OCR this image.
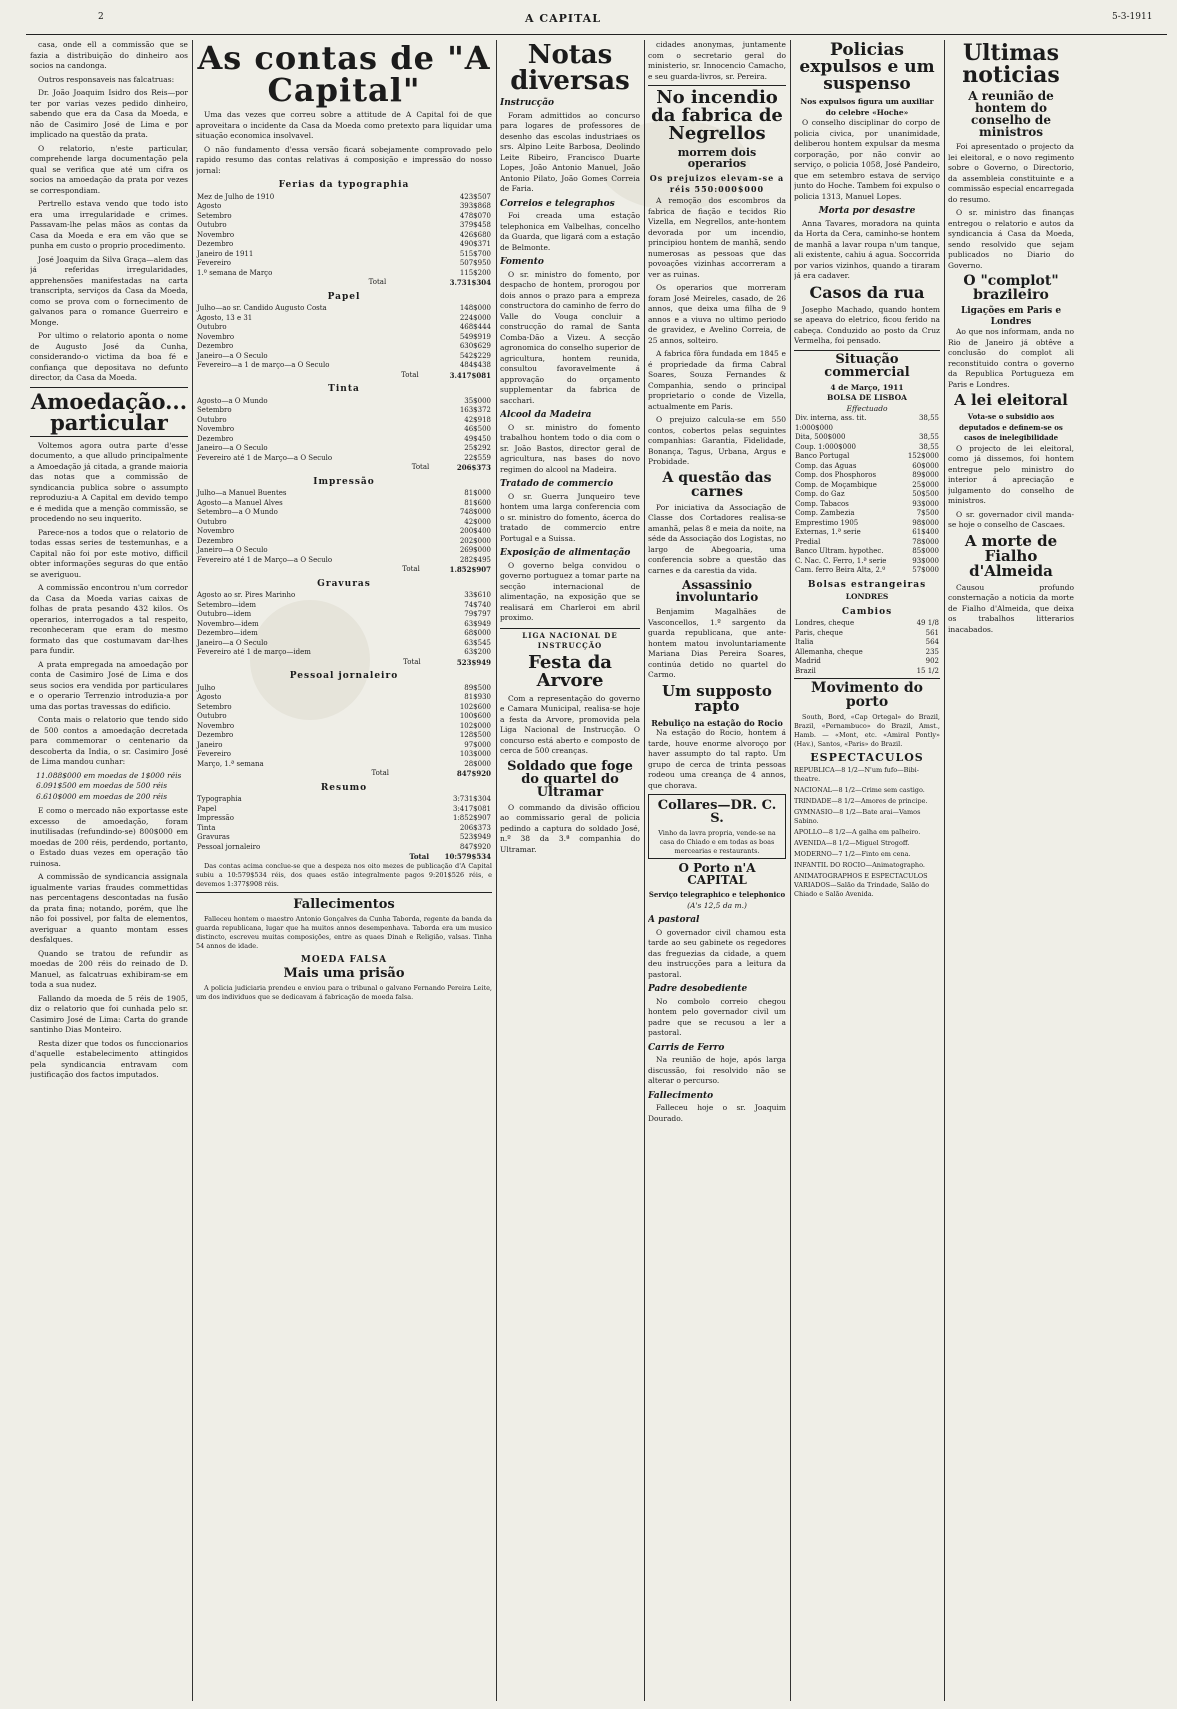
2	A CAPITAL	5-3-1911

casa, onde ell a commissão que se fazia a distribuição do dinheiro aos socios na candonga.

Outros responsaveis nas falcatruas:

Dr. João Joaquim Isidro dos Reis—por ter por varias vezes pedido dinheiro, sabendo que era da Casa da Moeda, e não de Casimiro José de Lima e por implicado na questão da prata.

O relatorio, n'este particular, comprehende larga documentação pela qual se verifica que até um cifra os socios na amoedação da prata por vezes se correspondiam.

Pertrello estava vendo que todo isto era uma irregularidade e crimes. Passavam-lhe pelas mãos as contas da Casa da Moeda e era em vão que se punha em custo o proprio procedimento.

José Joaquim da Silva Graça—alem das já referidas irregularidades, apprehensões manifestadas na carta transcripta, serviços da Casa da Moeda, como se prova com o fornecimento de galvanos para o romance Guerreiro e Monge.

Por ultimo o relatorio aponta o nome de Augusto José da Cunha, considerando-o victima da boa fé e confiança que depositava no defunto director, da Casa da Moeda.

Amoedação... particular

Voltemos agora outra parte d'esse documento, a que alludo principalmente a Amoedação já citada, a grande maioria das notas que a commissão de syndicancia publica sobre o assumpto reproduziu-a A Capital em devido tempo e é medida que a menção commissão, se procedendo no seu inquerito.

Parece-nos a todos que o relatorio de todas essas series de testemunhas, e a Capital não foi por este motivo, difficil obter informações seguras do que então se averiguou.

A commissão encontrou n'um corredor da Casa da Moeda varias caixas de folhas de prata pesando 432 kilos. Os operarios, interrogados a tal respeito, reconheceram que eram do mesmo formato das que costumavam dar-lhes para fundir.

A prata empregada na amoedação por conta de Casimiro José de Lima e dos seus socios era vendida por particulares e o operario Terrenzio introduzia-a por uma das portas travessas do edificio.

Conta mais o relatorio que tendo sido de 500 contos a amoedação decretada para commemorar o centenario da descoberta da India, o sr. Casimiro José de Lima mandou cunhar:

11.088$000 em moedas de 1$000 réis
6.091$500 em moedas de 500 réis
6.610$000 em moedas de 200 réis

E como o mercado não exportasse este excesso de amoedação, foram inutilisadas (refundindo-se) 800$000 em moedas de 200 réis, perdendo, portanto, o Estado duas vezes em operação tão ruinosa.

A commissão de syndicancia assignala igualmente varias fraudes commettidas nas percentagens descontadas na fusão da prata fina; notando, porém, que lhe não foi possivel, por falta de elementos, averiguar a quanto montam esses desfalques.

Quando se tratou de refundir as moedas de 200 réis do reinado de D. Manuel, as falcatruas exhibiram-se em toda a sua nudez.

Fallando da moeda de 5 réis de 1905, diz o relatorio que foi cunhada pelo sr. Casimiro José de Lima: Carta do grande santinho Dias Monteiro.

Resta dizer que todos os funccionarios d'aquelle estabelecimento attingidos pela syndicancia entravam com justificação dos factos imputados.

As contas de "A Capital"

Uma das vezes que correu sobre a attitude de A Capital foi de que aproveitara o incidente da Casa da Moeda como pretexto para liquidar uma situação economica insolvavel.

O não fundamento d'essa versão ficará sobejamente comprovado pelo rapido resumo das contas relativas á composição e impressão do nosso jornal:

Ferias da typographia
Mez de Julho de 1910	423$507
Agosto	393$868
Setembro	478$070
Outubro	379$458
Novembro	426$680
Dezembro	490$371
Janeiro de 1911	515$700
Fevereiro	507$950
1.º semana de Março	115$200
Total	3.731$304
Papel
Julho—ao sr. Candido Augusto Costa	148$000
Agosto, 13 e 31	224$000
Outubro	468$444
Novembro	549$919
Dezembro	630$629
Janeiro—a O Seculo	542$229
Fevereiro—a 1 de março—a O Seculo	484$438
Total	3.417$081
Tinta
Agosto—a O Mundo	35$000
Setembro	163$372
Outubro	42$918
Novembro	46$500
Dezembro	49$450
Janeiro—a O Seculo	25$292
Fevereiro até 1 de Março—a O Seculo	22$559
Total	206$373
Impressão
Julho—a Manuel Buentes	81$000
Agosto—a Manuel Alves	81$600
Setembro—a O Mundo	748$000
Outubro	42$000
Novembro	200$400
Dezembro	202$000
Janeiro—a O Seculo	269$000
Fevereiro até 1 de Março—a O Seculo	282$495
Total	1.852$907
Gravuras
Agosto ao sr. Pires Marinho	33$610
Setembro—idem	74$740
Outubro—idem	79$797
Novembro—idem	63$949
Dezembro—idem	68$000
Janeiro—a O Seculo	63$545
Fevereiro até 1 de março—idem	63$200
Total	523$949
Pessoal jornaleiro
Julho	89$500
Agosto	81$930
Setembro	102$600
Outubro	100$600
Novembro	102$000
Dezembro	128$500
Janeiro	97$000
Fevereiro	103$000
Março, 1.ª semana	28$000
Total	847$920
Resumo
Typographia	3:731$304
Papel	3:417$081
Impressão	1:852$907
Tinta	206$373
Gravuras	523$949
Pessoal jornaleiro	847$920
Total	10:579$534

Das contas acima conclue-se que a despeza nos oito mezes de publicação d'A Capital subiu a 10:579$534 réis, dos quaes estão integralmente pagos 9:201$526 réis, e devemos 1:377$908 réis.

Fallecimentos

Falleceu hontem o maestro Antonio Gonçalves da Cunha Taborda, regente da banda da guarda republicana, lugar que ha muitos annos desempenhava. Taborda era um musico distincto, escreveu muitas composições, entre as quaes Dinah e Religião, valsas. Tinha 54 annos de idade.

MOEDA FALSA
Mais uma prisão

A policia judiciaria prendeu e enviou para o tribunal o galvano Fernando Pereira Leite, um dos individuos que se dedicavam á fabricação de moeda falsa.

Notas diversas
Instrucção

Foram admittidos ao concurso para logares de professores de desenho das escolas industriaes os srs. Alpino Leite Barbosa, Deolindo Leite Ribeiro, Francisco Duarte Lopes, João Antonio Manuel, João Antonio Pilato, João Gomes Correia de Faria.

Correios e telegraphos

Foi creada uma estação telephonica em Valbelhas, concelho da Guarda, que ligará com a estação de Belmonte.

Fomento

O sr. ministro do fomento, por despacho de hontem, prorogou por dois annos o prazo para a empreza constructora do caminho de ferro do Valle do Vouga concluir a construcção do ramal de Santa Comba-Dão a Vizeu. A secção agronomica do conselho superior de agricultura, hontem reunida, consultou favoravelmente á approvação do orçamento supplementar da fabrica de sacchari.

Alcool da Madeira

O sr. ministro do fomento trabalhou hontem todo o dia com o sr. João Bastos, director geral de agricultura, nas bases do novo regimen do alcool na Madeira.

Tratado de commercio

O sr. Guerra Junqueiro teve hontem uma larga conferencia com o sr. ministro do fomento, ácerca do tratado de commercio entre Portugal e a Suissa.

Exposição de alimentação

O governo belga convidou o governo portuguez a tomar parte na secção internacional de alimentação, na exposição que se realisará em Charleroi em abril proximo.

LIGA NACIONAL DE INSTRUCÇÃO
Festa da Arvore

Com a representação do governo e Camara Municipal, realisa-se hoje a festa da Arvore, promovida pela Liga Nacional de Instrucção. O concurso está aberto e composto de cerca de 500 creanças.

Soldado que foge do quartel do Ultramar

O commando da divisão officiou ao commissario geral de policia pedindo a captura do soldado José, n.º 38 da 3.ª companhia do Ultramar.

cidades anonymas, juntamente com o secretario geral do ministerio, sr. Innocencio Camacho, e seu guarda-livros, sr. Pereira.

No incendio da fabrica de Negrellos
morrem dois operarios
Os prejuizos elevam-se a réis 550:000$000

A remoção dos escombros da fabrica de fiação e tecidos Rio Vizella, em Negrellos, ante-hontem devorada por um incendio, principiou hontem de manhã, sendo numerosas as pessoas que das povoações vizinhas accorreram a ver as ruinas.

Os operarios que morreram foram José Meireles, casado, de 26 annos, que deixa uma filha de 9 annos e a viuva no ultimo periodo de gravidez, e Avelino Correia, de 25 annos, solteiro.

A fabrica fôra fundada em 1845 e é propriedade da firma Cabral Soares, Souza Fernandes & Companhia, sendo o principal proprietario o conde de Vizella, actualmente em Paris.

O prejuizo calcula-se em 550 contos, cobertos pelas seguintes companhias: Garantia, Fidelidade, Bonança, Tagus, Urbana, Argus e Probidade.

A questão das carnes

Por iniciativa da Associação de Classe dos Cortadores realisa-se amanhã, pelas 8 e meia da noite, na séde da Associação dos Logistas, no largo de Abegoaria, uma conferencia sobre a questão das carnes e da carestia da vida.

Assassinio involuntario

Benjamim Magalhães de Vasconcellos, 1.º sargento da guarda republicana, que ante-hontem matou involuntariamente Mariana Dias Pereira Soares, continúa detido no quartel do Carmo.

Um supposto rapto
Rebuliço na estação do Rocio

Na estação do Rocio, hontem á tarde, houve enorme alvoroço por haver assumpto do tal rapto. Um grupo de cerca de trinta pessoas rodeou uma creança de 4 annos, que chorava.

Collares—DR. C. S.
Vinho da lavra propria, vende-se na casa do Chiado e em todas as boas mercearias e restaurants.
O Porto n'A CAPITAL
Serviço telegraphico e telephonico
(A's 12,5 da m.)
A pastoral

O governador civil chamou esta tarde ao seu gabinete os regedores das freguezias da cidade, a quem deu instrucções para a leitura da pastoral.

Padre desobediente

No combolo correio chegou hontem pelo governador civil um padre que se recusou a ler a pastoral.

Carris de Ferro

Na reunião de hoje, após larga discussão, foi resolvido não se alterar o percurso.

Fallecimento

Falleceu hoje o sr. Joaquim Dourado.

Policias expulsos e um suspenso
Nos expulsos figura um auxiliar do celebre «Hoche»

O conselho disciplinar do corpo de policia civica, por unanimidade, deliberou hontem expulsar da mesma corporação, por não convir ao serviço, o policia 1058, José Pandeiro, que em setembro estava de serviço junto do Hoche. Tambem foi expulso o policia 1313, Manuel Lopes.

Morta por desastre

Anna Tavares, moradora na quinta da Horta da Cera, caminho-se hontem de manhã a lavar roupa n'um tanque, ali existente, cahiu á agua. Soccorrida por varios vizinhos, quando a tiraram já era cadaver.

Casos da rua

Josepho Machado, quando hontem se apeava do eletrico, ficou ferido na cabeça. Conduzido ao posto da Cruz Vermelha, foi pensado.

Situação commercial
4 de Março, 1911
BOLSA DE LISBOA
Effectuado
Div. interna, ass. tit. 1:000$000	38,55
Dita, 500$000	38,55
Coup. 1:000$000	38,55
Banco Portugal	152$000
Comp. das Aguas	60$000
Comp. dos Phosphoros	89$000
Comp. de Moçambique	25$000
Comp. do Gaz	50$500
Comp. Tabacos	93$000
Comp. Zambezia	7$500
Emprestimo 1905	98$000
Externas, 1.ª serie	61$400
Predial	78$000
Banco Ultram. hypothec.	85$000
C. Nac. C. Ferro, 1.ª serie	93$000
Cam. ferro Beira Alta, 2.º	57$000
Bolsas estrangeiras
LONDRES
Cambios
Londres, cheque	49 1/8
Paris, cheque	561
Italia	564
Allemanha, cheque	235
Madrid	902
Brazil	15 1/2
Movimento do porto

South, Bord, «Cap Ortegal» do Brazil, Brazil, «Pernambuco» do Brazil, Amst., Hamb. — «Mont, etc. «Amiral Pontly» (Hav.), Santos, «Paris» do Brazil.

ESPECTACULOS
REPUBLICA—8 1/2—N'um fufo—Bibi-theatre.
NACIONAL—8 1/2—Crime sem castigo.
TRINDADE—8 1/2—Amores de principe.
GYMNASIO—8 1/2—Bate arai—Vamos Sabino.
APOLLO—8 1/2—A galha em palheiro.
AVENIDA—8 1/2—Miguel Strogoff.
MODERNO—7 1/2—Finto em cena.
INFANTIL DO ROCIO—Animatographo.
ANIMATOGRAPHOS E ESPECTACULOS VARIADOS—Salão da Trindade, Salão do Chiado e Salão Avenida.
Ultimas noticias
A reunião de hontem do conselho de ministros

Foi apresentado o projecto da lei eleitoral, e o novo regimento sobre o Governo, o Directorio, da assembleia constituinte e a commissão especial encarregada do resumo.

O sr. ministro das finanças entregou o relatorio e autos da syndicancia á Casa da Moeda, sendo resolvido que sejam publicados no Diario do Governo.

O "complot" brazileiro
Ligações em Paris e Londres

Ao que nos informam, anda no Rio de Janeiro já obtêve a conclusão do complot ali reconstituido contra o governo da Republica Portugueza em Paris e Londres.

A lei eleitoral
Vota-se o subsidio aos deputados e definem-se os casos de inelegibilidade

O projecto de lei eleitoral, como já dissemos, foi hontem entregue pelo ministro do interior á apreciação e julgamento do conselho de ministros.

O sr. governador civil manda-se hoje o conselho de Cascaes.

A morte de Fialho d'Almeida

Causou profundo consternação a noticia da morte de Fialho d'Almeida, que deixa os trabalhos litterarios inacabados.
